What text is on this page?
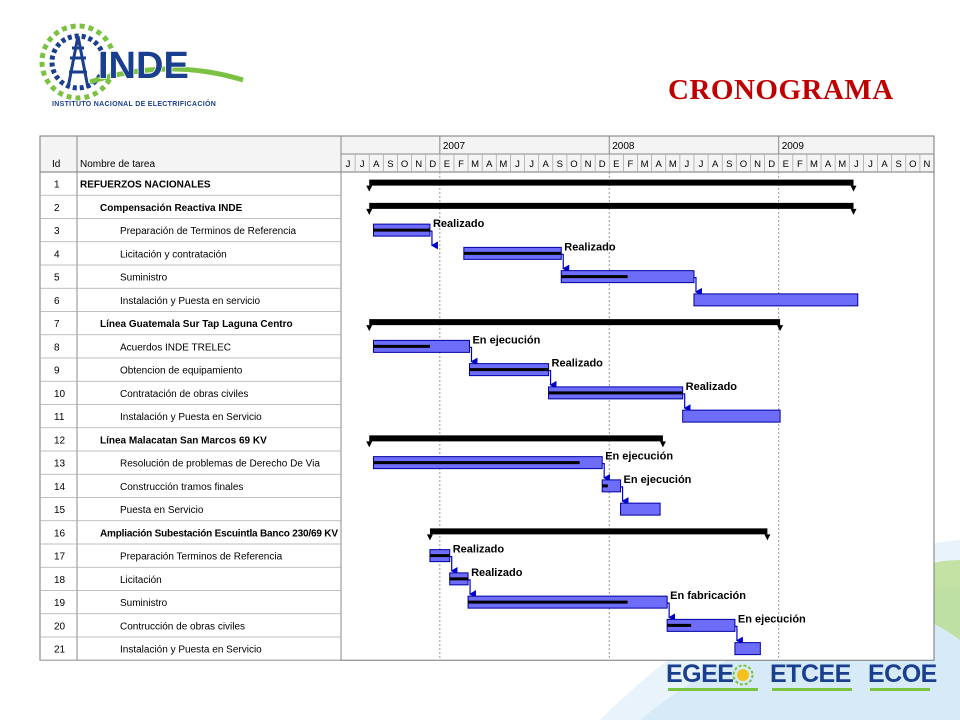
INDE
INSTITUTO NACIONAL DE ELECTRIFICACIÓN	CRONOGRAMA
Id Nombre de tarea
2007	2008	2009
J J A S O N D E F M A M J J A S O N D E F M A M J J A S O N D E F M A M J J A S O N
1 REFUERZOS NACIONALES
2	Compensación Reactiva INDE
3	Preparación de Terminos de Referencia
4	Licitación y contratación
5	Suministro
6	Instalación y Puesta en servicio
7	Línea Guatemala Sur Tap Laguna Centro
8	Acuerdos INDE TRELEC
9	Obtencion de equipamiento
10	Contratación de obras civiles
11	Instalación y Puesta en Servicio
12	Línea Malacatan San Marcos 69 KV
13	Resolución de problemas de Derecho De Via
14	Construcción tramos finales
15	Puesta en Servicio
16	Ampliación Subestación Escuintla Banco 230/69 KV
17	Preparación Terminos de Referencia
18	Licitación
19	Suministro
20	Contrucción de obras civiles
21	Instalación y Puesta en Servicio
Realizado
Realizado
En ejecución
Realizado
Realizado
En ejecución
En ejecución
Realizado
Realizado
En fabricación
En ejecución
EGEE ETCEE ECOE
